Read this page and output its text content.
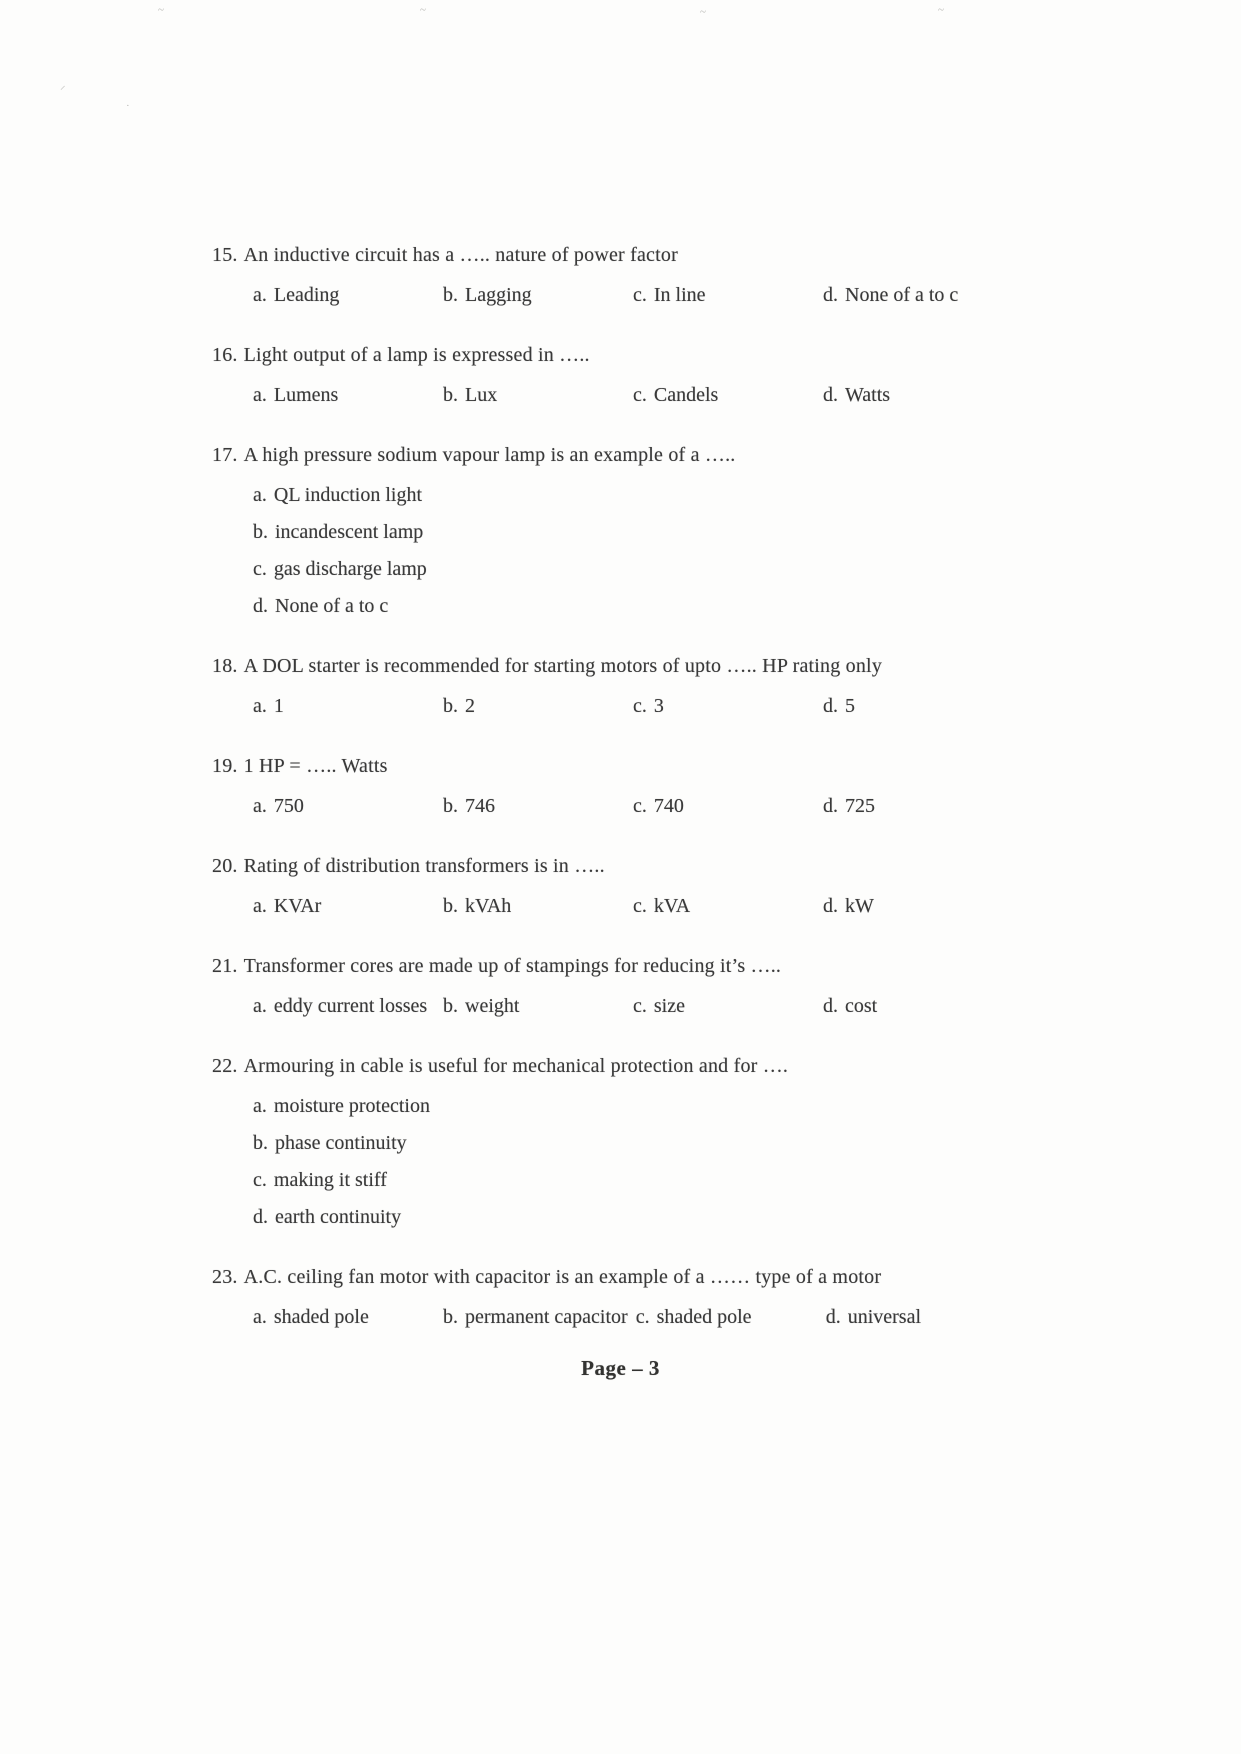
~	~	~	~
⸝
·
15. An inductive circuit has a ….. nature of power factor
a. Leading	b. Lagging	c. In line	d. None of a to c
16. Light output of a lamp is expressed in …..
a. Lumens	b. Lux	c. Candels	d. Watts
17. A high pressure sodium vapour lamp is an example of a …..
a. QL induction light
b. incandescent lamp
c. gas discharge lamp
d. None of a to c
18. A DOL starter is recommended for starting motors of upto ….. HP rating only
a. 1	b. 2	c. 3	d. 5
19. 1 HP = ….. Watts
a. 750	b. 746	c. 740	d. 725
20. Rating of distribution transformers is in …..
a. KVAr	b. kVAh	c. kVA	d. kW
21. Transformer cores are made up of stampings for reducing it’s …..
a. eddy current losses b. weight	c. size	d. cost
22. Armouring in cable is useful for mechanical protection and for ….
a. moisture protection
b. phase continuity
c. making it stiff
d. earth continuity
23. A.C. ceiling fan motor with capacitor is an example of a …… type of a motor
a. shaded pole	b. permanent capacitor c. shaded pole	d. universal
Page – 3
